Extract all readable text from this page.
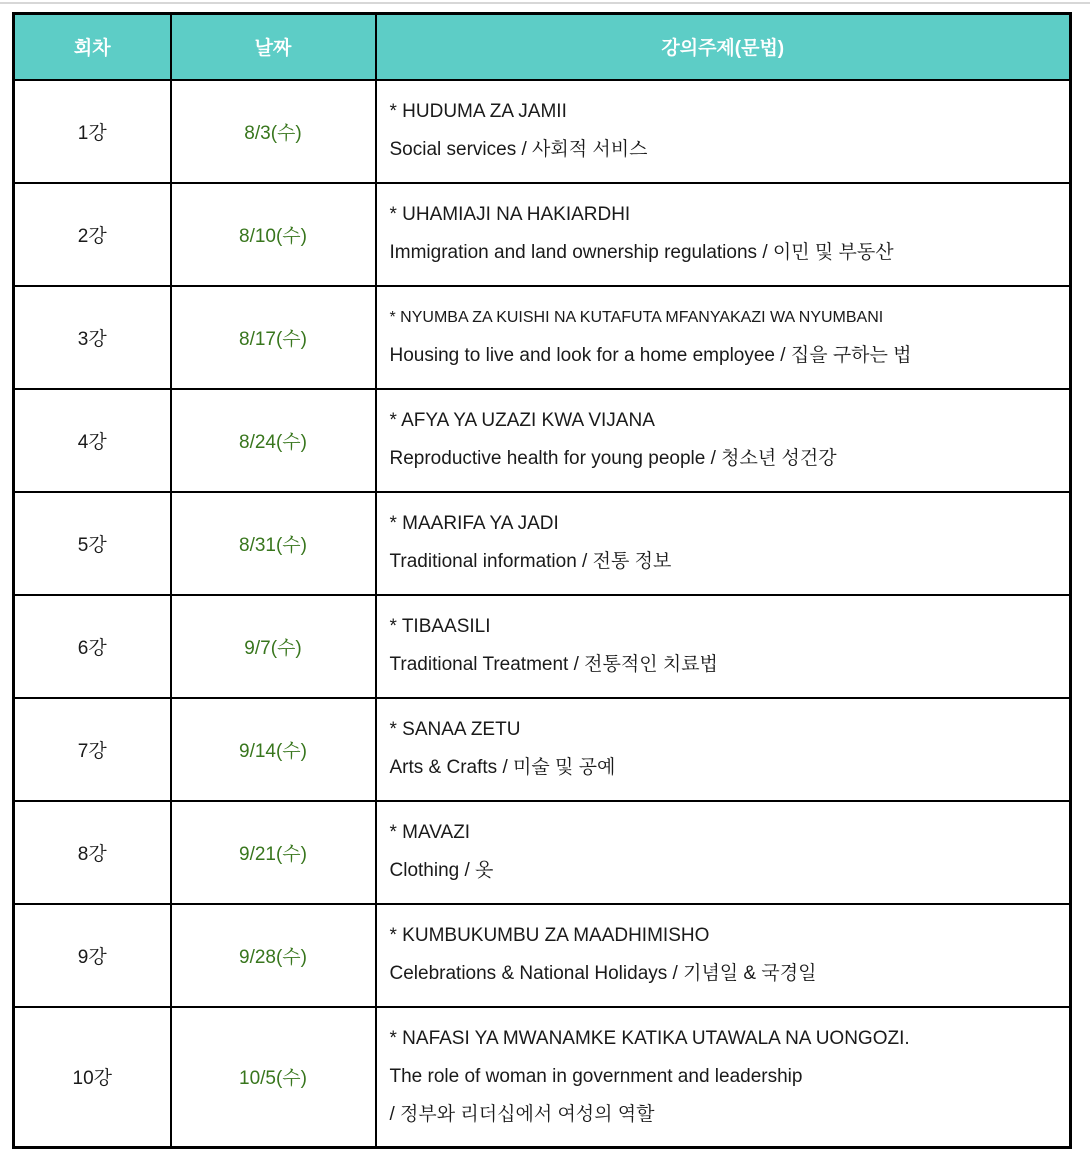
회차	날짜	강의주제(문법)
1강	8/3(수)	* HUDUMA ZA JAMII
Social services / 사회적 서비스

2강	8/10(수)	* UHAMIAJI NA HAKIARDHI
Immigration and land ownership regulations / 이민 및 부동산

3강	8/17(수)	* NYUMBA ZA KUISHI NA KUTAFUTA MFANYAKAZI WA NYUMBANI
Housing to live and look for a home employee / 집을 구하는 법

4강	8/24(수)	* AFYA YA UZAZI KWA VIJANA
Reproductive health for young people / 청소년 성건강

5강	8/31(수)	* MAARIFA YA JADI
Traditional information / 전통 정보

6강	9/7(수)	* TIBAASILI
Traditional Treatment / 전통적인 치료법

7강	9/14(수)	* SANAA ZETU
Arts & Crafts / 미술 및 공예

8강	9/21(수)	* MAVAZI
Clothing / 옷

9강	9/28(수)	* KUMBUKUMBU ZA MAADHIMISHO
Celebrations & National Holidays / 기념일 & 국경일

10강	10/5(수)	* NAFASI YA MWANAMKE KATIKA UTAWALA NA UONGOZI.
The role of woman in government and leadership
/ 정부와 리더십에서 여성의 역할
